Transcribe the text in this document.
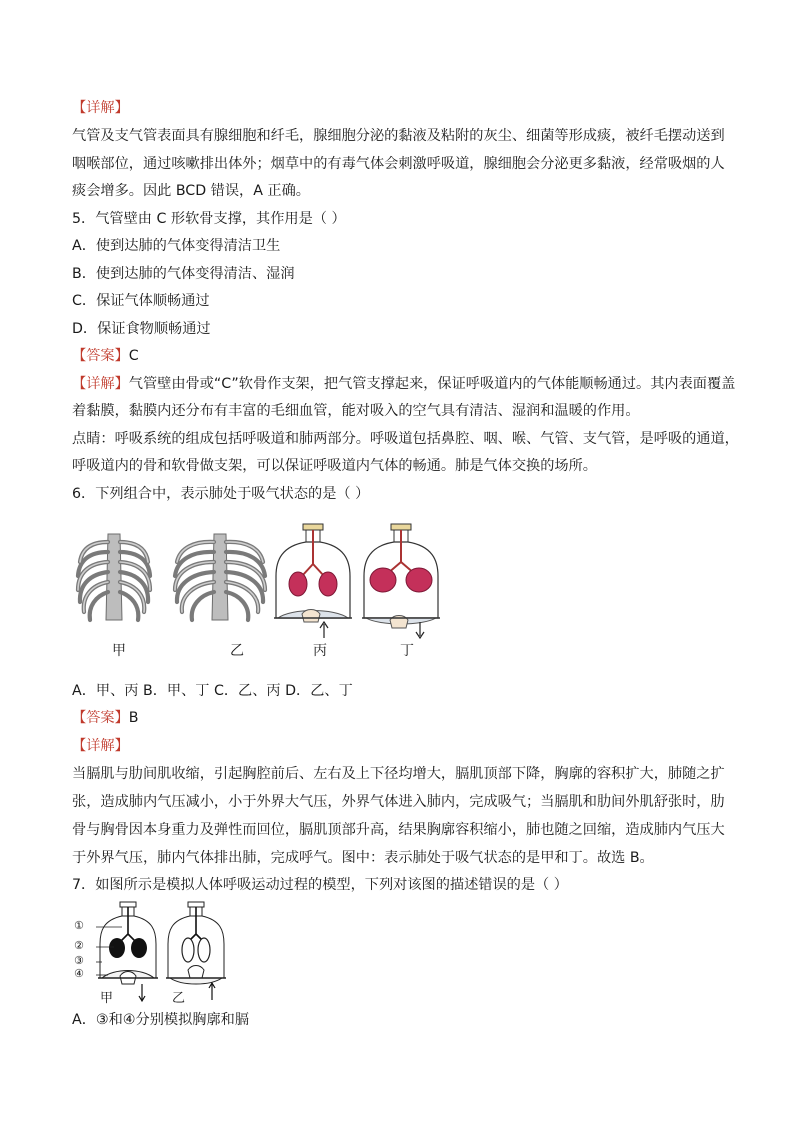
【详解】
气管及支气管表面具有腺细胞和纤毛，腺细胞分泌的黏液及粘附的灰尘、细菌等形成痰，被纤毛摆动送到
咽喉部位，通过咳嗽排出体外；烟草中的有毒气体会刺激呼吸道，腺细胞会分泌更多黏液，经常吸烟的人
痰会增多。因此 BCD 错误，A 正确。
5．气管壁由 C 形软骨支撑，其作用是（ ）
A．使到达肺的气体变得清洁卫生
B．使到达肺的气体变得清洁、湿润
C．保证气体顺畅通过
D．保证食物顺畅通过
【答案】C
【详解】气管壁由骨或“C”软骨作支架，把气管支撑起来，保证呼吸道内的气体能顺畅通过。其内表面覆盖
着黏膜，黏膜内还分布有丰富的毛细血管，能对吸入的空气具有清洁、湿润和温暖的作用。
点睛：呼吸系统的组成包括呼吸道和肺两部分。呼吸道包括鼻腔、咽、喉、气管、支气管，是呼吸的通道，
呼吸道内的骨和软骨做支架，可以保证呼吸道内气体的畅通。肺是气体交换的场所。
6．下列组合中，表示肺处于吸气状态的是（ ）
甲	乙	丙	丁
A．甲、丙 B．甲、丁 C．乙、丙 D．乙、丁
【答案】B
【详解】
当膈肌与肋间肌收缩，引起胸腔前后、左右及上下径均增大，膈肌顶部下降，胸廓的容积扩大，肺随之扩
张，造成肺内气压减小，小于外界大气压，外界气体进入肺内，完成吸气；当膈肌和肋间外肌舒张时，肋
骨与胸骨因本身重力及弹性而回位，膈肌顶部升高，结果胸廓容积缩小，肺也随之回缩，造成肺内气压大
于外界气压，肺内气体排出肺，完成呼气。图中：表示肺处于吸气状态的是甲和丁。故选 B。
7．如图所示是模拟人体呼吸运动过程的模型，下列对该图的描述错误的是（ ）
①
②
③
④
甲	乙
A．③和④分别模拟胸廓和膈
